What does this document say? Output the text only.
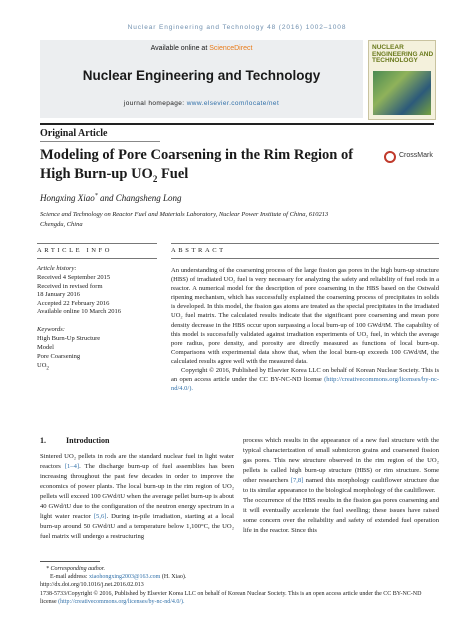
Nuclear Engineering and Technology 48 (2016) 1002–1008
Available online at ScienceDirect
Nuclear Engineering and Technology
journal homepage: www.elsevier.com/locate/net
NUCLEAR ENGINEERING AND TECHNOLOGY
Original Article
Modeling of Pore Coarsening in the Rim Region of
High Burn-up $UO_2$ Fuel
CrossMark
Hongxing Xiao* and Changsheng Long
Science and Technology on Reactor Fuel and Materials Laboratory, Nuclear Power Institute of China, 610213
Chengdu, China
ARTICLE INFO	ABSTRACT
Article history:
Received 4 September 2015
Received in revised form
18 January 2016
Accepted 22 February 2016
Available online 10 March 2016
Keywords:
High Burn-Up Structure
Model
Pore Coarsening
$UO_2$
An understanding of the coarsening process of the large fission gas pores in the high burn-up structure (HBS) of irradiated UO₂ fuel is very necessary for analyzing the safety and reliability of fuel rods in a reactor. A numerical model for the description of pore coarsening in the HBS based on the Ostwald ripening mechanism, which has successfully explained the coarsening process of precipitates in solids is developed. In this model, the fission gas atoms are treated as the special precipitates in the irradiated UO₂ fuel matrix. The calculated results indicate that the significant pore coarsening and mean pore density decrease in the HBS occur upon surpassing a local burn-up of 100 GWd/tM. The capability of this model is successfully validated against irradiation experiments of UO₂ fuel, in which the average pore radius, pore density, and porosity are directly measured as functions of local burn-up. Comparisons with experimental data show that, when the local burn-up exceeds 100 GWd/tM, the calculated results agree well with the measured data.

Copyright © 2016, Published by Elsevier Korea LLC on behalf of Korean Nuclear Society. This is an open access article under the CC BY-NC-ND license (http://creativecommons.org/licenses/by-nc-nd/4.0/).
1.	Introduction
Sintered UO₂ pellets in rods are the standard nuclear fuel in light water reactors [1–4]. The discharge burn-up of fuel assemblies has been increasing throughout the past few decades in order to improve the economics of power plants. The local burn-up in the rim region of UO₂ pellets will exceed 100 GWd/tU when the average pellet burn-up is about 40 GWd/tU due to the configuration of the neutron energy spectrum in a light water reactor [5,6]. During in-pile irradiation, starting at a local burn-up around 50 GWd/tU and a temperature below 1,100°C, the UO₂ fuel matrix will undergo a restructuring
process which results in the appearance of a new fuel structure with the typical characterization of small submicron grains and coarsened fission gas pores. This new structure observed in the rim region of the UO₂ pellets is called high burn-up structure (HBS) or rim structure. Some other researchers [7,8] named this morphology cauliflower structure due to its similar appearance to the biological morphology of the cauliflower.
The occurrence of the HBS results in the fission gas pores coarsening and it will eventually accelerate the fuel swelling; these issues have raised some concern over the reliability and safety of extended fuel operation life in the reactor. Since this
* Corresponding author.
E-mail address: xiaohongxing2003@163.com (H. Xiao).
http://dx.doi.org/10.1016/j.net.2016.02.013
1738-5733/Copyright © 2016, Published by Elsevier Korea LLC on behalf of Korean Nuclear Society. This is an open access article under the CC BY-NC-ND license (http://creativecommons.org/licenses/by-nc-nd/4.0/).
